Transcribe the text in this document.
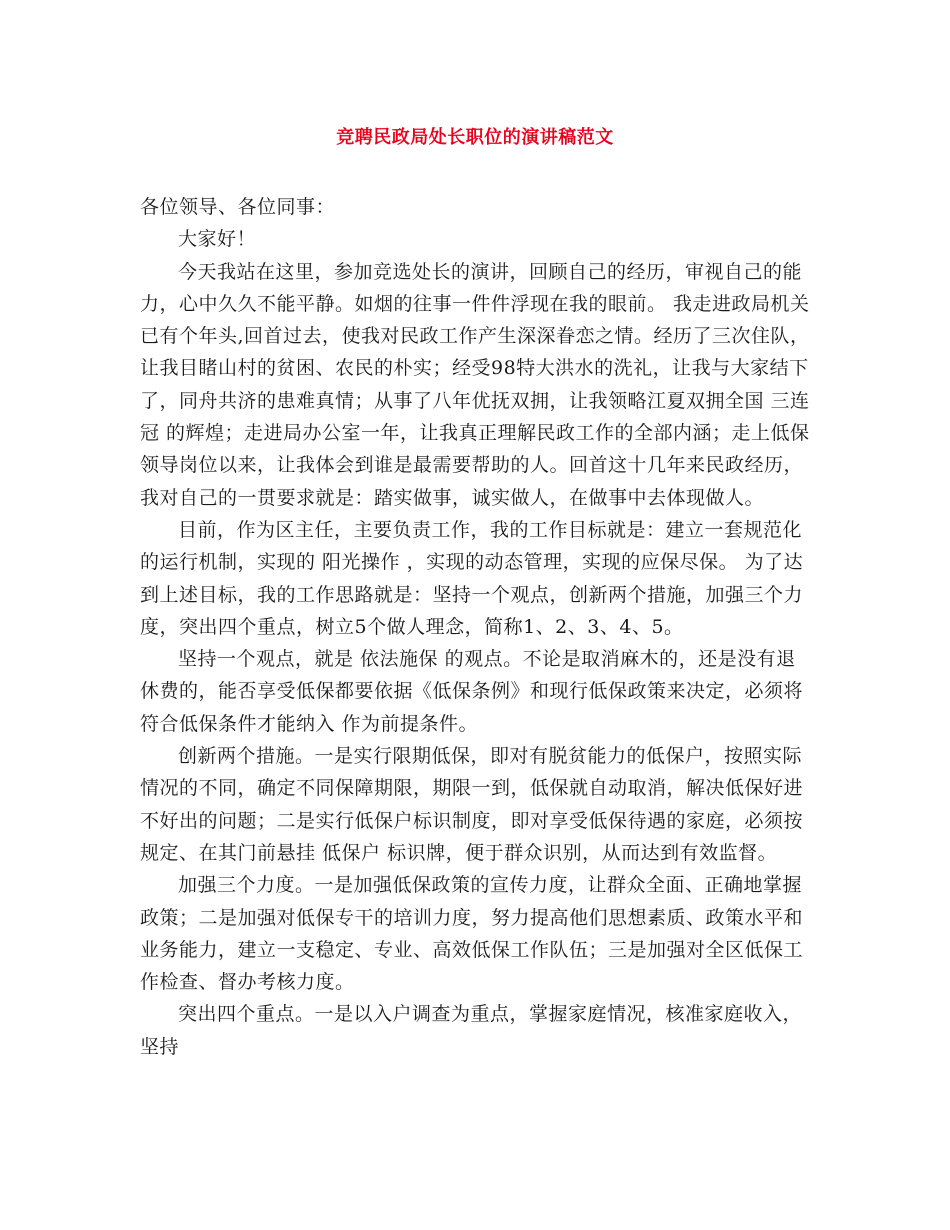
竞聘民政局处长职位的演讲稿范文

各位领导、各位同事：

大家好！

今天我站在这里，参加竞选处长的演讲，回顾自己的经历，审视自己的能力，心中久久不能平静。如烟的往事一件件浮现在我的眼前。 我走进政局机关已有个年头,回首过去，使我对民政工作产生深深眷恋之情。经历了三次住队，让我目睹山村的贫困、农民的朴实；经受98特大洪水的洗礼，让我与大家结下了，同舟共济的患难真情；从事了八年优抚双拥，让我领略江夏双拥全国 三连冠 的辉煌；走进局办公室一年，让我真正理解民政工作的全部内涵；走上低保领导岗位以来，让我体会到谁是最需要帮助的人。回首这十几年来民政经历，我对自己的一贯要求就是：踏实做事，诚实做人，在做事中去体现做人。

目前，作为区主任，主要负责工作，我的工作目标就是：建立一套规范化的运行机制，实现的 阳光操作 ，实现的动态管理，实现的应保尽保。 为了达到上述目标，我的工作思路就是：坚持一个观点，创新两个措施，加强三个力度，突出四个重点，树立5个做人理念，简称1、2、3、4、5。

坚持一个观点，就是 依法施保 的观点。不论是取消麻木的，还是没有退休费的，能否享受低保都要依据《低保条例》和现行低保政策来决定，必须将 符合低保条件才能纳入 作为前提条件。

创新两个措施。一是实行限期低保，即对有脱贫能力的低保户，按照实际情况的不同，确定不同保障期限，期限一到，低保就自动取消，解决低保好进不好出的问题；二是实行低保户标识制度，即对享受低保待遇的家庭，必须按规定、在其门前悬挂 低保户 标识牌，便于群众识别，从而达到有效监督。

加强三个力度。一是加强低保政策的宣传力度，让群众全面、正确地掌握政策；二是加强对低保专干的培训力度，努力提高他们思想素质、政策水平和业务能力，建立一支稳定、专业、高效低保工作队伍；三是加强对全区低保工作检查、督办考核力度。

突出四个重点。一是以入户调查为重点，掌握家庭情况，核准家庭收入，坚持
